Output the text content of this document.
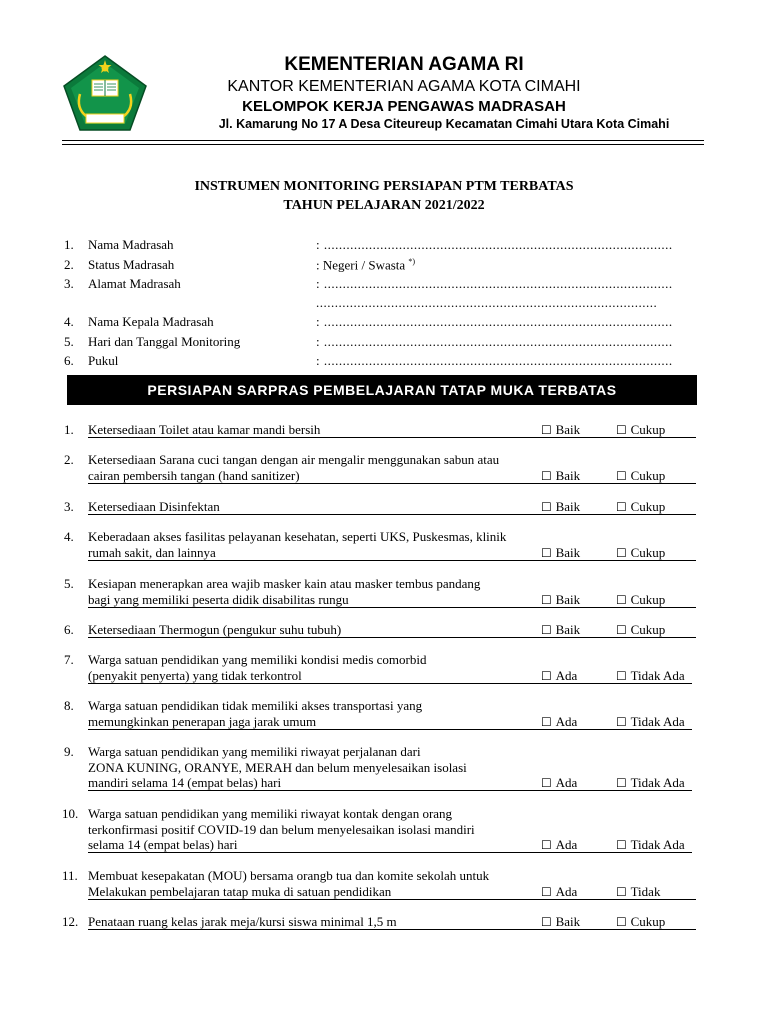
KEMENTERIAN AGAMA RI
KANTOR KEMENTERIAN AGAMA KOTA CIMAHI
KELOMPOK KERJA PENGAWAS MADRASAH
Jl. Kamarung No 17 A Desa Citeureup Kecamatan Cimahi Utara Kota Cimahi
INSTRUMEN MONITORING PERSIAPAN PTM TERBATAS
TAHUN PELAJARAN 2021/2022
1. Nama Madrasah	: .............................................................................................
2. Status Madrasah	: Negeri / Swasta *)
3. Alamat Madrasah	: .............................................................................................
...........................................................................................
4. Nama Kepala Madrasah	: .............................................................................................
5. Hari dan Tanggal Monitoring	: .............................................................................................
6. Pukul	: .............................................................................................
PERSIAPAN SARPRAS PEMBELAJARAN TATAP MUKA TERBATAS
1. Ketersediaan Toilet atau kamar mandi bersih	☐ Baik	☐ Cukup
2. Ketersediaan Sarana cuci tangan dengan air mengalir menggunakan sabun atau
cairan pembersih tangan (hand sanitizer)	☐ Baik	☐ Cukup
3. Ketersediaan Disinfektan	☐ Baik	☐ Cukup
4. Keberadaan akses fasilitas pelayanan kesehatan, seperti UKS, Puskesmas, klinik
rumah sakit, dan lainnya	☐ Baik	☐ Cukup
5. Kesiapan menerapkan area wajib masker kain atau masker tembus pandang
bagi yang memiliki peserta didik disabilitas rungu	☐ Baik	☐ Cukup
6. Ketersediaan Thermogun (pengukur suhu tubuh)	☐ Baik	☐ Cukup
7. Warga satuan pendidikan yang memiliki kondisi medis comorbid
(penyakit penyerta) yang tidak terkontrol	☐ Ada	☐ Tidak Ada
8. Warga satuan pendidikan tidak memiliki akses transportasi yang
memungkinkan penerapan jaga jarak umum	☐ Ada	☐ Tidak Ada
9. Warga satuan pendidikan yang memiliki riwayat perjalanan dari
ZONA KUNING, ORANYE, MERAH dan belum menyelesaikan isolasi
mandiri selama 14 (empat belas) hari	☐ Ada	☐ Tidak Ada
10. Warga satuan pendidikan yang memiliki riwayat kontak dengan orang
terkonfirmasi positif COVID-19 dan belum menyelesaikan isolasi mandiri
selama 14 (empat belas) hari	☐ Ada	☐ Tidak Ada
11. Membuat kesepakatan (MOU) bersama orangb tua dan komite sekolah untuk
Melakukan pembelajaran tatap muka di satuan pendidikan	☐ Ada	☐ Tidak
12. Penataan ruang kelas jarak meja/kursi siswa minimal 1,5 m	☐ Baik	☐ Cukup
